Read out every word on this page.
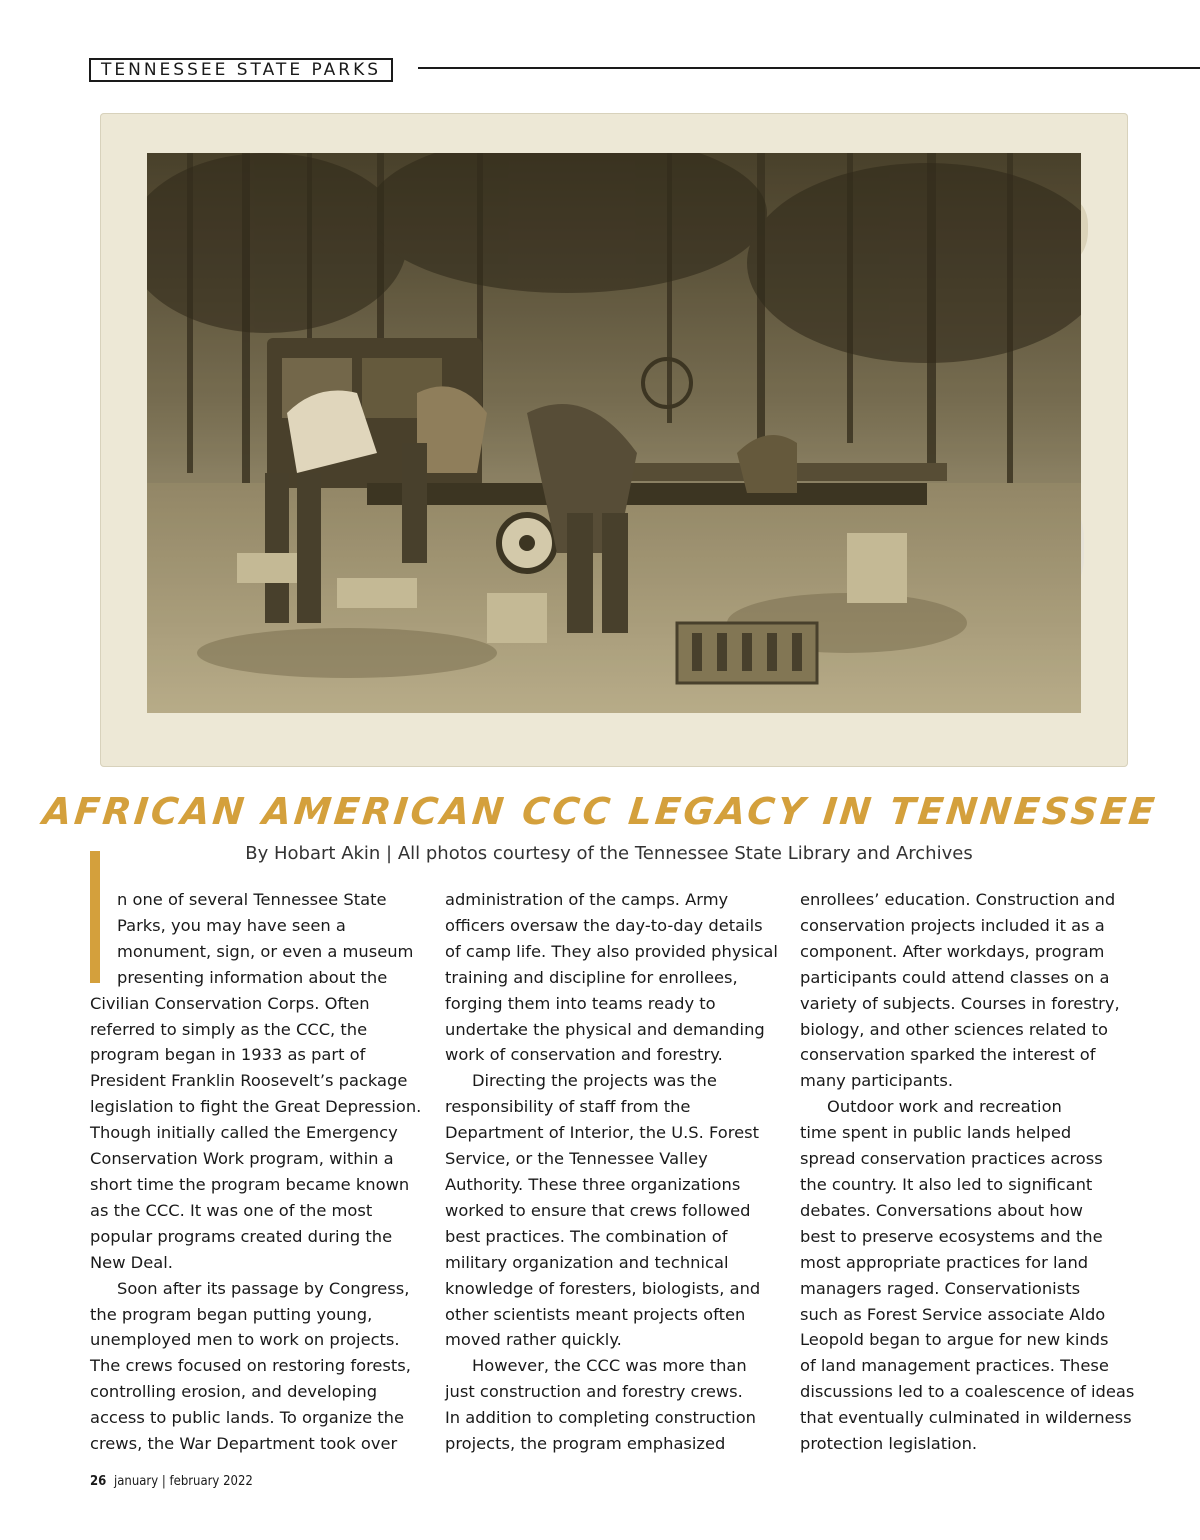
TENNESSEE STATE PARKS
AFRICAN AMERICAN CCC LEGACY IN TENNESSEE

By Hobart Akin | All photos courtesy of the Tennessee State Library and Archives

n one of several Tennessee State
Parks, you may have seen a
monument, sign, or even a museum
presenting information about the
Civilian Conservation Corps. Often
referred to simply as the CCC, the
program began in 1933 as part of
President Franklin Roosevelt’s package
legislation to fight the Great Depression.
Though initially called the Emergency
Conservation Work program, within a
short time the program became known
as the CCC. It was one of the most
popular programs created during the
New Deal.

Soon after its passage by Congress,
the program began putting young,
unemployed men to work on projects.
The crews focused on restoring forests,
controlling erosion, and developing
access to public lands. To organize the
crews, the War Department took over

administration of the camps. Army
officers oversaw the day-to-day details
of camp life. They also provided physical
training and discipline for enrollees,
forging them into teams ready to
undertake the physical and demanding
work of conservation and forestry.

Directing the projects was the
responsibility of staff from the
Department of Interior, the U.S. Forest
Service, or the Tennessee Valley
Authority. These three organizations
worked to ensure that crews followed
best practices. The combination of
military organization and technical
knowledge of foresters, biologists, and
other scientists meant projects often
moved rather quickly.

However, the CCC was more than
just construction and forestry crews.
In addition to completing construction
projects, the program emphasized

enrollees’ education. Construction and
conservation projects included it as a
component. After workdays, program
participants could attend classes on a
variety of subjects. Courses in forestry,
biology, and other sciences related to
conservation sparked the interest of
many participants.

Outdoor work and recreation
time spent in public lands helped
spread conservation practices across
the country. It also led to significant
debates. Conversations about how
best to preserve ecosystems and the
most appropriate practices for land
managers raged. Conservationists
such as Forest Service associate Aldo
Leopold began to argue for new kinds
of land management practices. These
discussions led to a coalescence of ideas
that eventually culminated in wilderness
protection legislation.

26 january | february 2022
